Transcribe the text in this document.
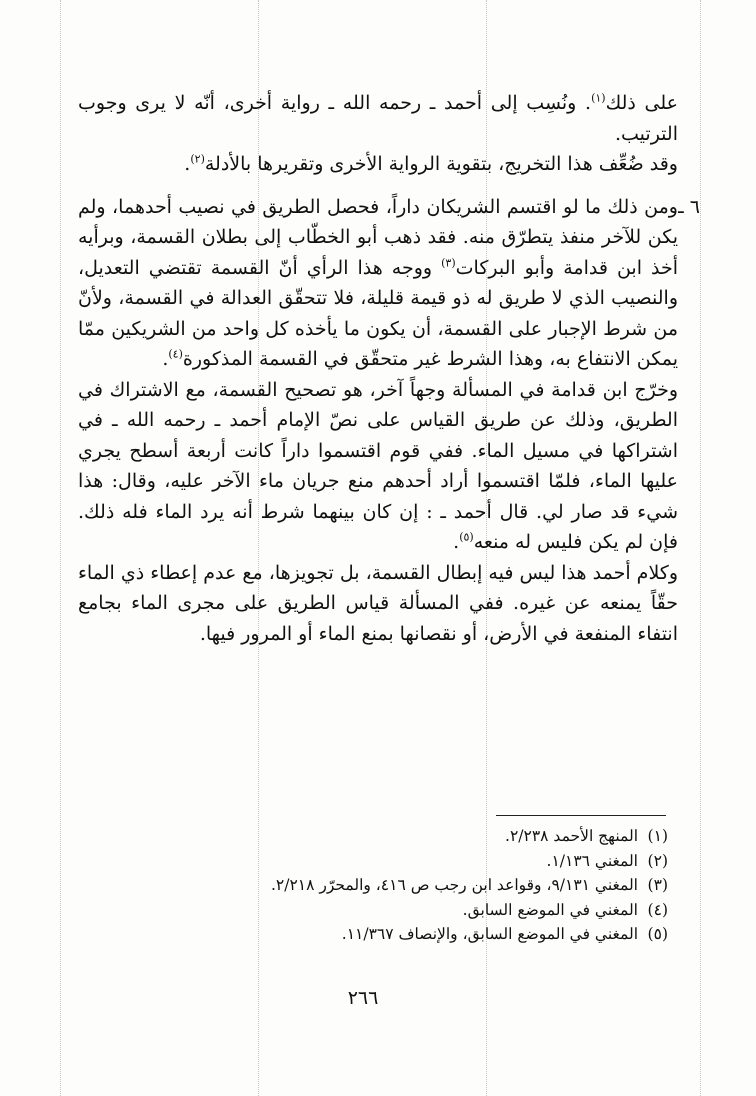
على ذلك$^{(١)}$. ونُسِب إلى أحمد ـ رحمه الله ـ رواية أخرى، أنّه لا يرى وجوب الترتيب.

وقد ضُعِّف هذا التخريج، بتقوية الرواية الأخرى وتقريرها بالأدلة$^{(٢)}$.

٦ ـ
ومن ذلك ما لو اقتسم الشريكان داراً، فحصل الطريق في نصيب أحدهما، ولم يكن للآخر منفذ يتطرّق منه. فقد ذهب أبو الخطّاب إلى بطلان القسمة، وبرأيه أخذ ابن قدامة وأبو البركات$^{(٣)}$ ووجه هذا الرأي أنّ القسمة تقتضي التعديل، والنصيب الذي لا طريق له ذو قيمة قليلة، فلا تتحقّق العدالة في القسمة، ولأنّ من شرط الإجبار على القسمة، أن يكون ما يأخذه كل واحد من الشريكين ممّا يمكن الانتفاع به، وهذا الشرط غير متحقّق في القسمة المذكورة$^{(٤)}$.

وخرّج ابن قدامة في المسألة وجهاً آخر، هو تصحيح القسمة، مع الاشتراك في الطريق، وذلك عن طريق القياس على نصّ الإمام أحمد ـ رحمه الله ـ في اشتراكها في مسيل الماء. ففي قوم اقتسموا داراً كانت أربعة أسطح يجري عليها الماء، فلمّا اقتسموا أراد أحدهم منع جريان ماء الآخر عليه، وقال: هذا شيء قد صار لي. قال أحمد ـ : إن كان بينهما شرط أنه يرد الماء فله ذلك. فإن لم يكن فليس له منعه$^{(٥)}$.

وكلام أحمد هذا ليس فيه إبطال القسمة، بل تجويزها، مع عدم إعطاء ذي الماء حقّاً يمنعه عن غيره. ففي المسألة قياس الطريق على مجرى الماء بجامع انتفاء المنفعة في الأرض، أو نقصانها بمنع الماء أو المرور فيها.

(١)
المنهج الأحمد ٢/٢٣٨.
(٢)
المغني ١/١٣٦.
(٣)
المغني ٩/١٣١، وقواعد ابن رجب ص ٤١٦، والمحرّر ٢/٢١٨.
(٤)
المغني في الموضع السابق.
(٥)
المغني في الموضع السابق، والإنصاف ١١/٣٦٧.
٢٦٦
